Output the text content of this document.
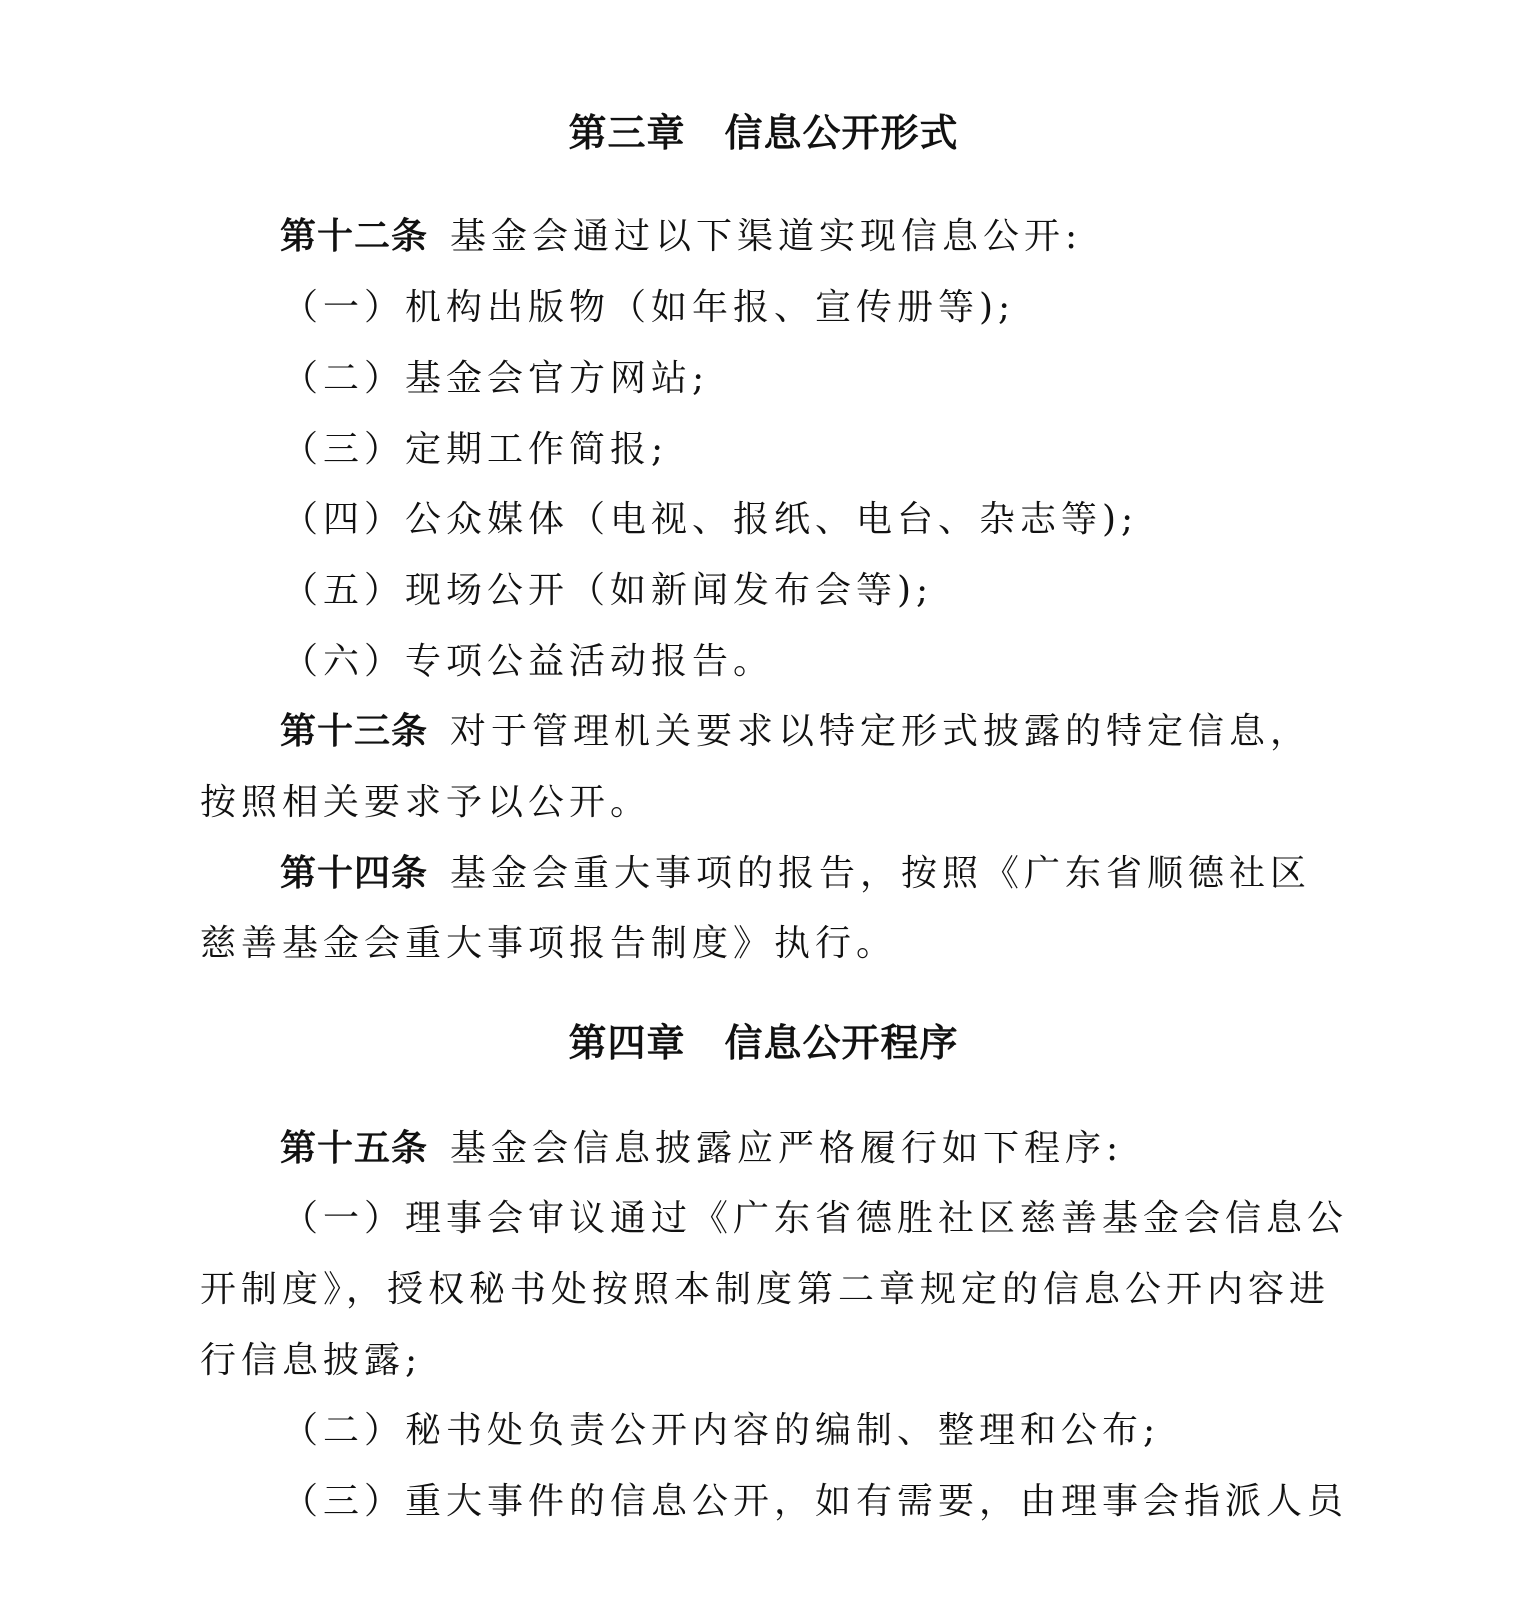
第三章　信息公开形式
第十二条 基金会通过以下渠道实现信息公开:
（一）机构出版物（如年报、宣传册等);
（二）基金会官方网站;
（三）定期工作简报;
（四）公众媒体（电视、报纸、电台、杂志等);
（五）现场公开（如新闻发布会等);
（六）专项公益活动报告。
第十三条 对于管理机关要求以特定形式披露的特定信息，
按照相关要求予以公开。
第十四条 基金会重大事项的报告，按照《广东省顺德社区
慈善基金会重大事项报告制度》执行。
第四章　信息公开程序
第十五条 基金会信息披露应严格履行如下程序:
（一）理事会审议通过《广东省德胜社区慈善基金会信息公
开制度》，授权秘书处按照本制度第二章规定的信息公开内容进
行信息披露;
（二）秘书处负责公开内容的编制、整理和公布;
（三）重大事件的信息公开，如有需要，由理事会指派人员
